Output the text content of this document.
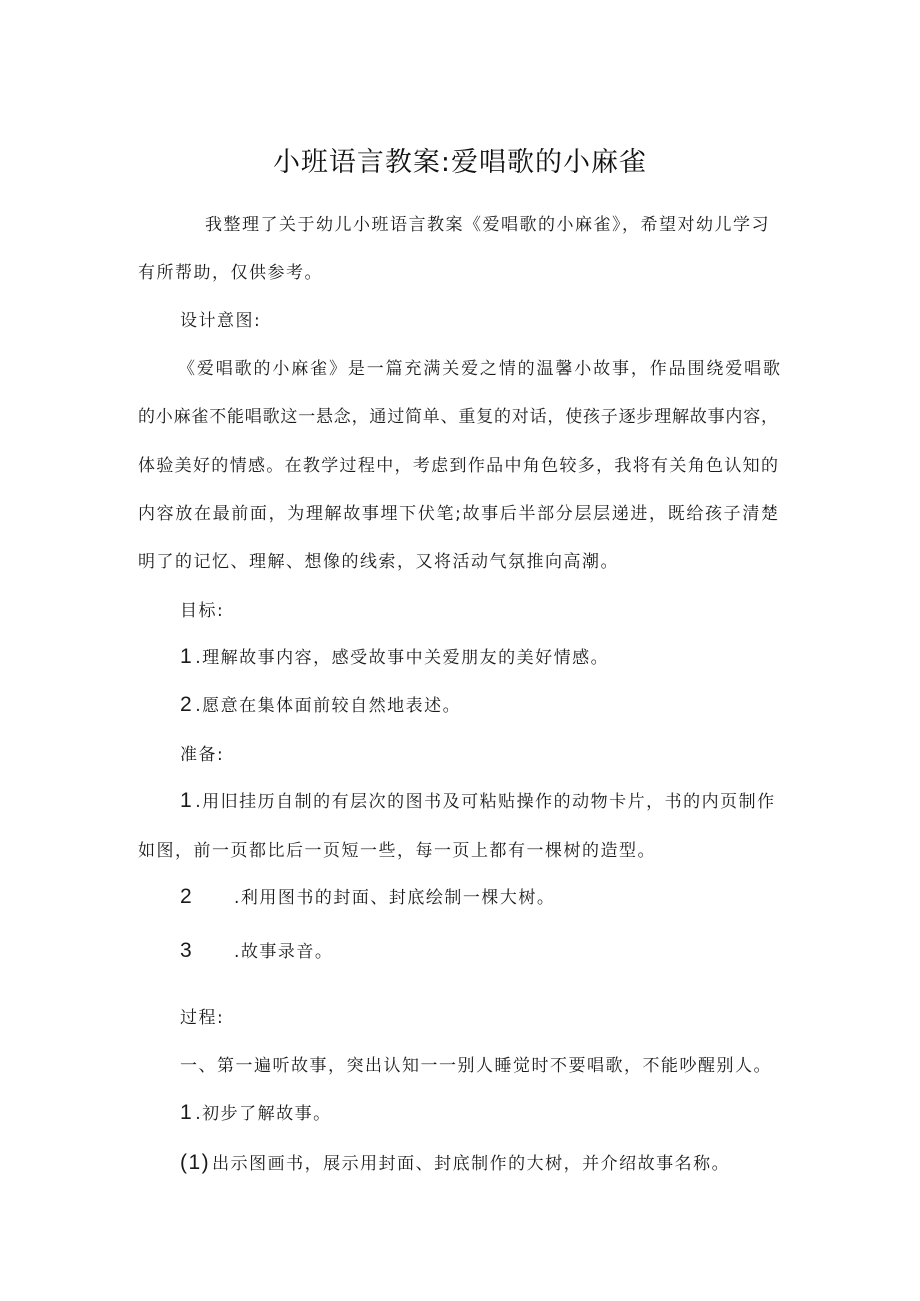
小班语言教案:爱唱歌的小麻雀
我整理了关于幼儿小班语言教案《爱唱歌的小麻雀》，希望对幼儿学习
有所帮助，仅供参考。
设计意图:
《爱唱歌的小麻雀》是一篇充满关爱之情的温馨小故事，作品围绕爱唱歌
的小麻雀不能唱歌这一悬念，通过简单、重复的对话，使孩子逐步理解故事内容，
体验美好的情感。在教学过程中，考虑到作品中角色较多，我将有关角色认知的
内容放在最前面，为理解故事埋下伏笔;故事后半部分层层递进，既给孩子清楚
明了的记忆、理解、想像的线索，又将活动气氛推向高潮。
目标:
1 .理解故事内容，感受故事中关爱朋友的美好情感。
2 .愿意在集体面前较自然地表述。
准备:
1 .用旧挂历自制的有层次的图书及可粘贴操作的动物卡片，书的内页制作
如图，前一页都比后一页短一些，每一页上都有一棵树的造型。
2 .利用图书的封面、封底绘制一棵大树。
3 .故事录音。
过程:
一、第一遍听故事，突出认知一一别人睡觉时不要唱歌，不能吵醒别人。
1 .初步了解故事。
(1) 出示图画书，展示用封面、封底制作的大树，并介绍故事名称。
